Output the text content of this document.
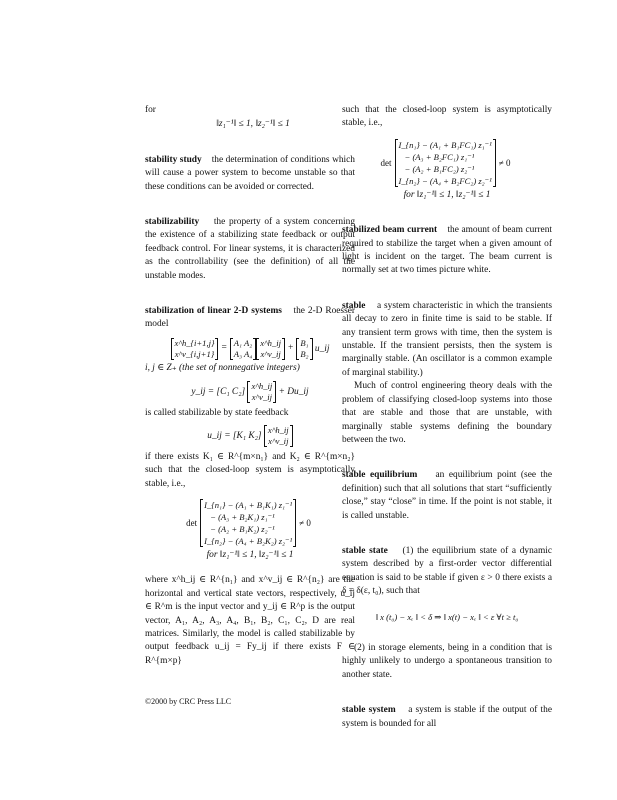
for

‖z₁⁻¹‖ ≤ 1, ‖z₂⁻¹‖ ≤ 1

stability study the determination of conditions which will cause a power system to become unstable so that these conditions can be avoided or corrected.

stabilizability the property of a system concerning the existence of a stabilizing state feedback or output feedback control. For linear systems, it is characterized as the controllability (see the definition) of all the unstable modes.

stabilization of linear 2-D systems the 2-D Roesser model

x^h_{i+1,j}
x^v_{i,j+1}
=
A₁ A₂
A₃ A₄
x^h_ij
x^v_ij
+
B₁
B₂ u_ij

i, j ∈ Z₊ (the set of nonnegative integers)

y_ij = [C₁ C₂]
x^h_ij
x^v_ij + Du_ij

is called stabilizable by state feedback

u_ij = [K₁ K₂]
x^h_ij
x^v_ij

if there exists K₁ ∈ R^{m×n₁} and K₂ ∈ R^{m×n₂} such that the closed-loop system is asymptotically stable, i.e.,

det
I_{n₁} − (A₁ + B₁K₁) z₁⁻¹
− (A₃ + B₂K₁) z₁⁻¹
− (A₂ + B₁K₂) z₂⁻¹
I_{n₂} − (A₄ + B₂K₂) z₂⁻¹
≠ 0
for ‖z₁⁻¹‖ ≤ 1, ‖z₂⁻¹‖ ≤ 1

where x^h_ij ∈ R^{n₁} and x^v_ij ∈ R^{n₂} are the horizontal and vertical state vectors, respectively, u_ij ∈ R^m is the input vector and y_ij ∈ R^p is the output vector, A₁, A₂, A₃, A₄, B₁, B₂, C₁, C₂, D are real matrices. Similarly, the model is called stabilizable by output feedback u_ij = Fy_ij if there exists F ∈ R^{m×p}

such that the closed-loop system is asymptotically stable, i.e.,

det
I_{n₁} − (A₁ + B₁FC₁) z₁⁻¹
− (A₃ + B₂FC₁) z₁⁻¹
− (A₂ + B₁FC₂) z₂⁻¹
I_{n₂} − (A₄ + B₂FC₂) z₂⁻¹
≠ 0
for ‖z₁⁻¹‖ ≤ 1, ‖z₂⁻¹‖ ≤ 1

stabilized beam current the amount of beam current required to stabilize the target when a given amount of light is incident on the target. The beam current is normally set at two times picture white.

stable a system characteristic in which the transients all decay to zero in finite time is said to be stable. If any transient term grows with time, then the system is unstable. If the transient persists, then the system is marginally stable. (An oscillator is a common example of marginal stability.)

Much of control engineering theory deals with the problem of classifying closed-loop systems into those that are stable and those that are unstable, with marginally stable systems defining the boundary between the two.

stable equilibrium an equilibrium point (see the definition) such that all solutions that start “sufficiently close,” stay “close” in time. If the point is not stable, it is called unstable.

stable state (1) the equilibrium state of a dynamic system described by a first-order vector differential equation is said to be stable if given ε > 0 there exists a δ = δ(ε, t₀), such that

‖ x (t₀) − xₑ ‖ < δ ⇒ ‖ x(t) − xₑ ‖ < ε ∀t ≥ t₀

(2) in storage elements, being in a condition that is highly unlikely to undergo a spontaneous transition to another state.

stable system a system is stable if the output of the system is bounded for all

©2000 by CRC Press LLC
